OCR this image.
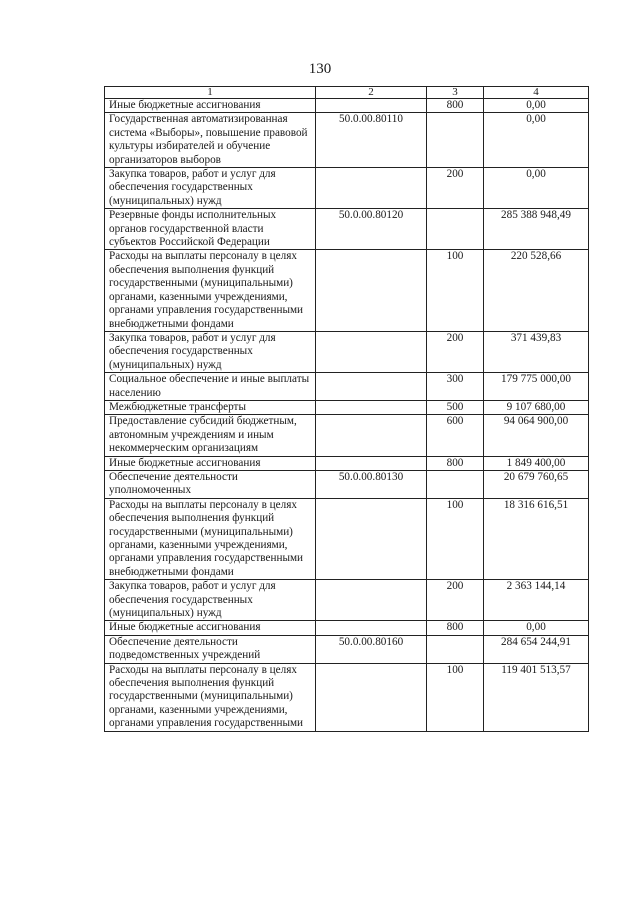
130
1	2	3	4
Иные бюджетные ассигнования		800	0,00
Государственная автоматизированная система «Выборы», повышение правовой культуры избирателей и обучение организаторов выборов	50.0.00.80110		0,00
Закупка товаров, работ и услуг для обеспечения государственных (муниципальных) нужд		200	0,00
Резервные фонды исполнительных органов государственной власти субъектов Российской Федерации	50.0.00.80120		285 388 948,49
Расходы на выплаты персоналу в целях обеспечения выполнения функций государственными (муниципальными) органами, казенными учреждениями, органами управления государственными внебюджетными фондами		100	220 528,66
Закупка товаров, работ и услуг для обеспечения государственных (муниципальных) нужд		200	371 439,83
Социальное обеспечение и иные выплаты населению		300	179 775 000,00
Межбюджетные трансферты		500	9 107 680,00
Предоставление субсидий бюджетным, автономным учреждениям и иным некоммерческим организациям		600	94 064 900,00
Иные бюджетные ассигнования		800	1 849 400,00
Обеспечение деятельности уполномоченных	50.0.00.80130		20 679 760,65
Расходы на выплаты персоналу в целях обеспечения выполнения функций государственными (муниципальными) органами, казенными учреждениями, органами управления государственными внебюджетными фондами		100	18 316 616,51
Закупка товаров, работ и услуг для обеспечения государственных (муниципальных) нужд		200	2 363 144,14
Иные бюджетные ассигнования		800	0,00
Обеспечение деятельности подведомственных учреждений	50.0.00.80160		284 654 244,91
Расходы на выплаты персоналу в целях обеспечения выполнения функций государственными (муниципальными) органами, казенными учреждениями, органами управления государственными		100	119 401 513,57
